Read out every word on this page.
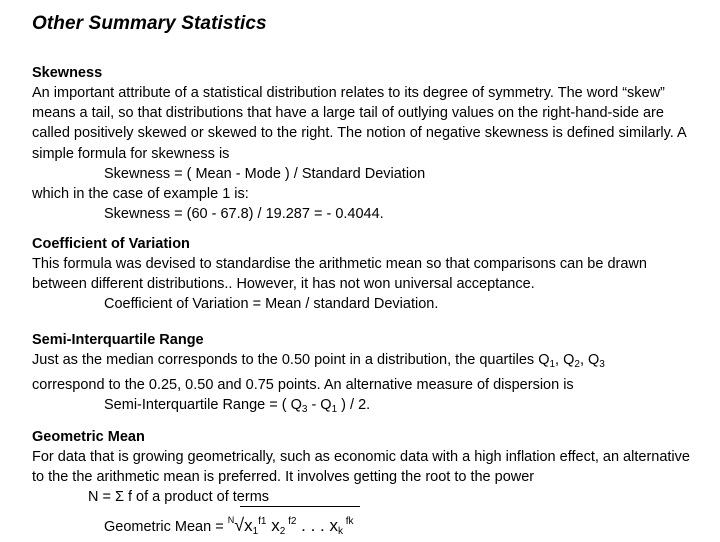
Other Summary Statistics
Skewness

An important attribute of a statistical distribution relates to its degree of symmetry. The word “skew” means a tail, so that distributions that have a large tail of outlying values on the right-hand-side are called positively skewed or skewed to the right. The notion of negative skewness is defined similarly. A simple formula for skewness is

Skewness = ( Mean - Mode ) / Standard Deviation
which in the case of example 1 is:
Skewness = (60 - 67.8) / 19.287 = - 0.4044.
Coefficient of Variation

This formula was devised to standardise the arithmetic mean so that comparisons can be drawn between different distributions.. However, it has not won universal acceptance.

Coefficient of Variation = Mean / standard Deviation.
Semi-Interquartile Range
Just as the median corresponds to the 0.50 point in a distribution, the quartiles $Q_1$, $Q_2$, $Q_3$
correspond to the 0.25, 0.50 and 0.75 points. An alternative measure of dispersion is
Semi-Interquartile Range = ( $Q_3 - Q_1$ ) / 2.
Geometric Mean

For data that is growing geometrically, such as economic data with a high inflation effect, an alternative to the the arithmetic mean is preferred. It involves getting the root to the power

N = Σ f of a product of terms
Geometric Mean = $^N$√
$x_1^{f1}$ $x_2$ $^{f2}$ . . . $x_k$ $^{fk}$
